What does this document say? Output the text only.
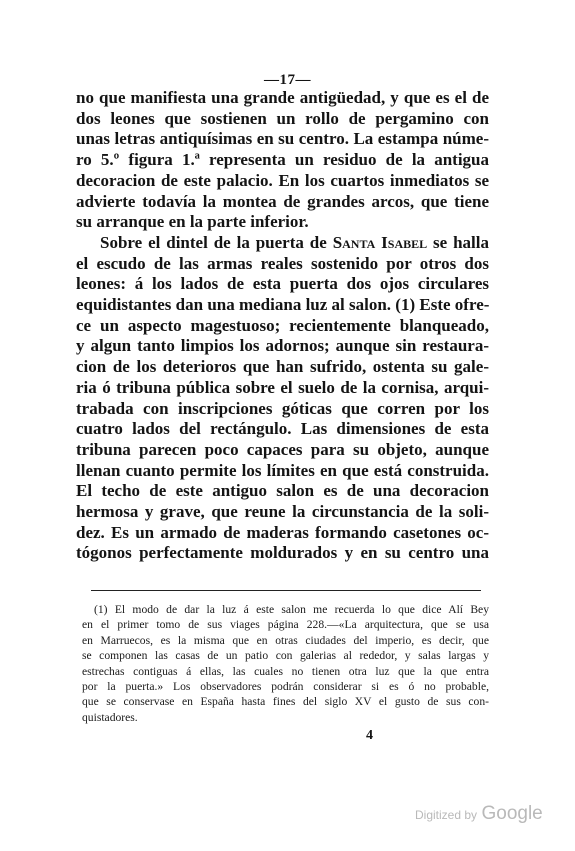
—17—

no que manifiesta una grande antigüedad, y que es el de
dos leones que sostienen un rollo de pergamino con
unas letras antiquísimas en su centro. La estampa núme-
ro 5.º figura 1.ª representa un residuo de la antigua
decoracion de este palacio. En los cuartos inmediatos se
advierte todavía la montea de grandes arcos, que tiene
su arranque en la parte inferior.

Sobre el dintel de la puerta de Santa Isabel se halla
el escudo de las armas reales sostenido por otros dos
leones: á los lados de esta puerta dos ojos circulares
equidistantes dan una mediana luz al salon. (1) Este ofre-
ce un aspecto magestuoso; recientemente blanqueado,
y algun tanto limpios los adornos; aunque sin restaura-
cion de los deterioros que han sufrido, ostenta su gale-
ria ó tribuna pública sobre el suelo de la cornisa, arqui-
trabada con inscripciones góticas que corren por los
cuatro lados del rectángulo. Las dimensiones de esta
tribuna parecen poco capaces para su objeto, aunque
llenan cuanto permite los límites en que está construida.
El techo de este antiguo salon es de una decoracion
hermosa y grave, que reune la circunstancia de la soli-
dez. Es un armado de maderas formando casetones oc-
tógonos perfectamente moldurados y en su centro una

(1) El modo de dar la luz á este salon me recuerda lo que dice Alí Bey
en el primer tomo de sus viages página 228.—«La arquitectura, que se usa
en Marruecos, es la misma que en otras ciudades del imperio, es decir, que
se componen las casas de un patio con galerias al rededor, y salas largas y
estrechas contiguas á ellas, las cuales no tienen otra luz que la que entra
por la puerta.» Los observadores podrán considerar si es ó no probable,
que se conservase en España hasta fines del siglo XV el gusto de sus con-
quistadores.
4
Digitized by Google
